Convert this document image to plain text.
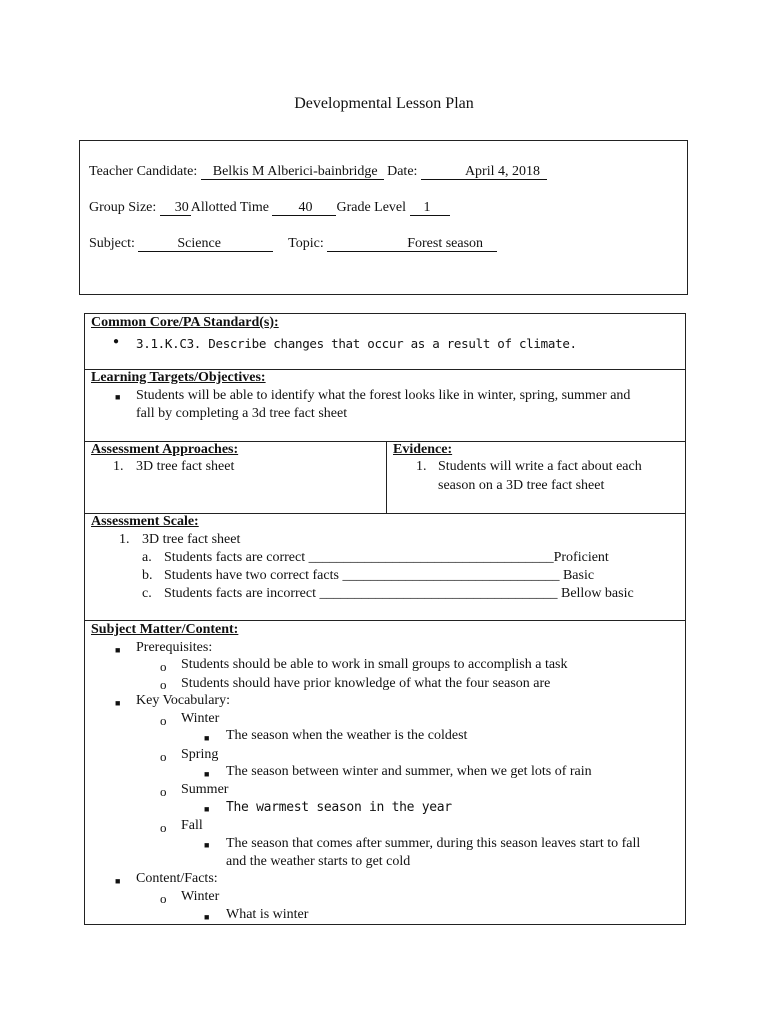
Developmental Lesson Plan
Teacher Candidate: Belkis M Alberici-bainbridge Date:	April 4, 2018
Group Size: 30 Allotted Time 40 Grade Level 1
Subject:	Science	Topic:	Forest season
Common Core/PA Standard(s):
● 3.1.K.C3. Describe changes that occur as a result of climate.
Learning Targets/Objectives:
■ Students will be able to identify what the forest looks like in winter, spring, summer and
fall by completing a 3d tree fact sheet
Assessment Approaches:
1. 3D tree fact sheet
Evidence:
1. Students will write a fact about each
season on a 3D tree fact sheet
Assessment Scale:
1. 3D tree fact sheet
a. Students facts are correct ___________________________________Proficient
b. Students have two correct facts _______________________________ Basic
c. Students facts are incorrect __________________________________ Bellow basic
Subject Matter/Content:
■ Prerequisites:
o Students should be able to work in small groups to accomplish a task
o Students should have prior knowledge of what the four season are
■ Key Vocabulary:
o Winter
■ The season when the weather is the coldest
o Spring
■ The season between winter and summer, when we get lots of rain
o Summer
■ The warmest season in the year
o Fall
■ The season that comes after summer, during this season leaves start to fall
and the weather starts to get cold
■ Content/Facts:
o Winter
■ What is winter
